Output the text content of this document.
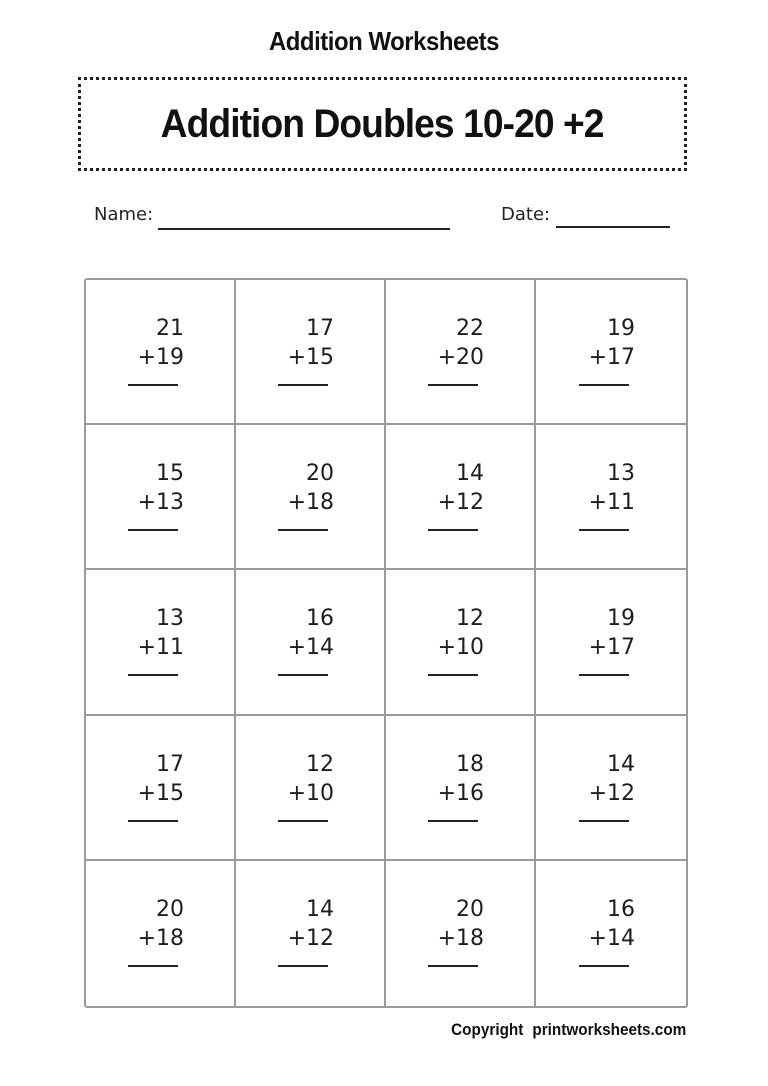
Addition Worksheets
Addition Doubles 10-20 +2
Name:	Date:
21
+19
17
+15
22
+20
19
+17
15
+13
20
+18
14
+12
13
+11
13
+11
16
+14
12
+10
19
+17
17
+15
12
+10
18
+16
14
+12
20
+18
14
+12
20
+18
16
+14
Copyright printworksheets.com
